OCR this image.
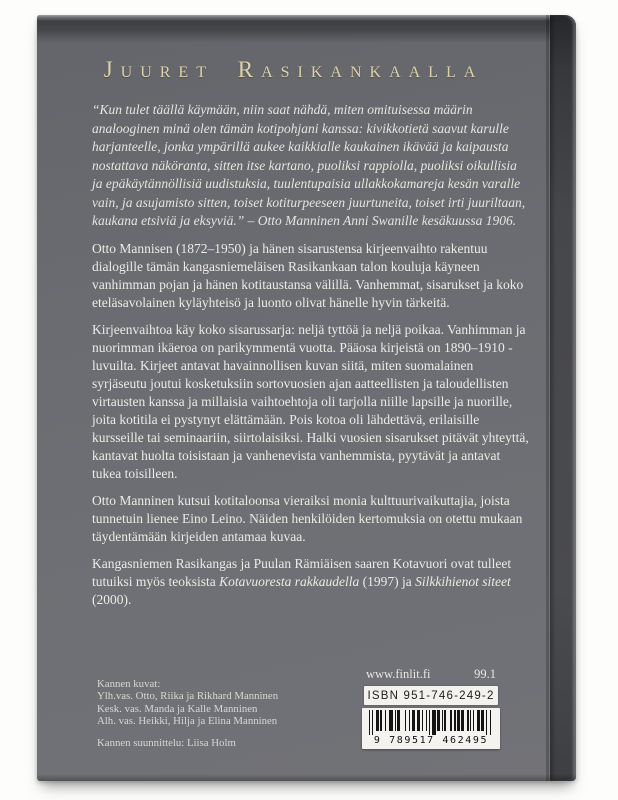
Juuret Rasikankaalla

“Kun tulet täällä käymään, niin saat nähdä, miten omituisessa määrin analooginen minä olen tämän kotipohjani kanssa: kivikkotietä saavut karulle harjanteelle, jonka ympärillä aukee kaikkialle kaukainen ikävää ja kaipausta nostattava näköranta, sitten itse kartano, puoliksi rappiolla, puoliksi oikullisia ja epäkäytännöllisiä uudistuksia, tuulentupaisia ullakkokamareja kesän varalle vain, ja asujamisto sitten, toiset kotiturpeeseen juurtuneita, toiset irti juuriltaan, kaukana etsiviä ja eksyviä.” – Otto Manninen Anni Swanille kesäkuussa 1906.

Otto Mannisen (1872–1950) ja hänen sisarustensa kirjeenvaihto rakentuu dialogille tämän kangasniemeläisen Rasikankaan talon kouluja käyneen vanhimman pojan ja hänen kotitaustansa välillä. Vanhemmat, sisarukset ja koko eteläsavolainen kyläyhteisö ja luonto olivat hänelle hyvin tärkeitä.

Kirjeenvaihtoa käy koko sisarussarja: neljä tyttöä ja neljä poikaa. Vanhimman ja nuorimman ikäeroa on parikymmentä vuotta. Pääosa kirjeistä on 1890–1910 -luvuilta. Kirjeet antavat havainnollisen kuvan siitä, miten suomalainen syrjäseutu joutui kosketuksiin sortovuosien ajan aatteellisten ja taloudellisten virtausten kanssa ja millaisia vaihtoehtoja oli tarjolla niille lapsille ja nuorille, joita kotitila ei pystynyt elättämään. Pois kotoa oli lähdettävä, erilaisille kursseille tai seminaariin, siirtolaisiksi. Halki vuosien sisarukset pitävät yhteyttä, kantavat huolta toisistaan ja vanhenevista vanhemmista, pyytävät ja antavat tukea toisilleen.

Otto Manninen kutsui kotitaloonsa vieraiksi monia kulttuurivaikuttajia, joista tunnetuin lienee Eino Leino. Näiden henkilöiden kertomuksia on otettu mukaan täydentämään kirjeiden antamaa kuvaa.

Kangasniemen Rasikangas ja Puulan Rämiäisen saaren Kotavuori ovat tulleet tutuiksi myös teoksista Kotavuoresta rakkaudella (1997) ja Silkkihienot siteet (2000).

www.finlit.fi	99.1
Kannen kuvat:
Ylh.vas. Otto, Riika ja Rikhard Manninen
Kesk. vas. Manda ja Kalle Manninen
Alh. vas. Heikki, Hilja ja Elina Manninen
Kannen suunnittelu: Liisa Holm
ISBN 951-746-249-2
9 789517 462495
